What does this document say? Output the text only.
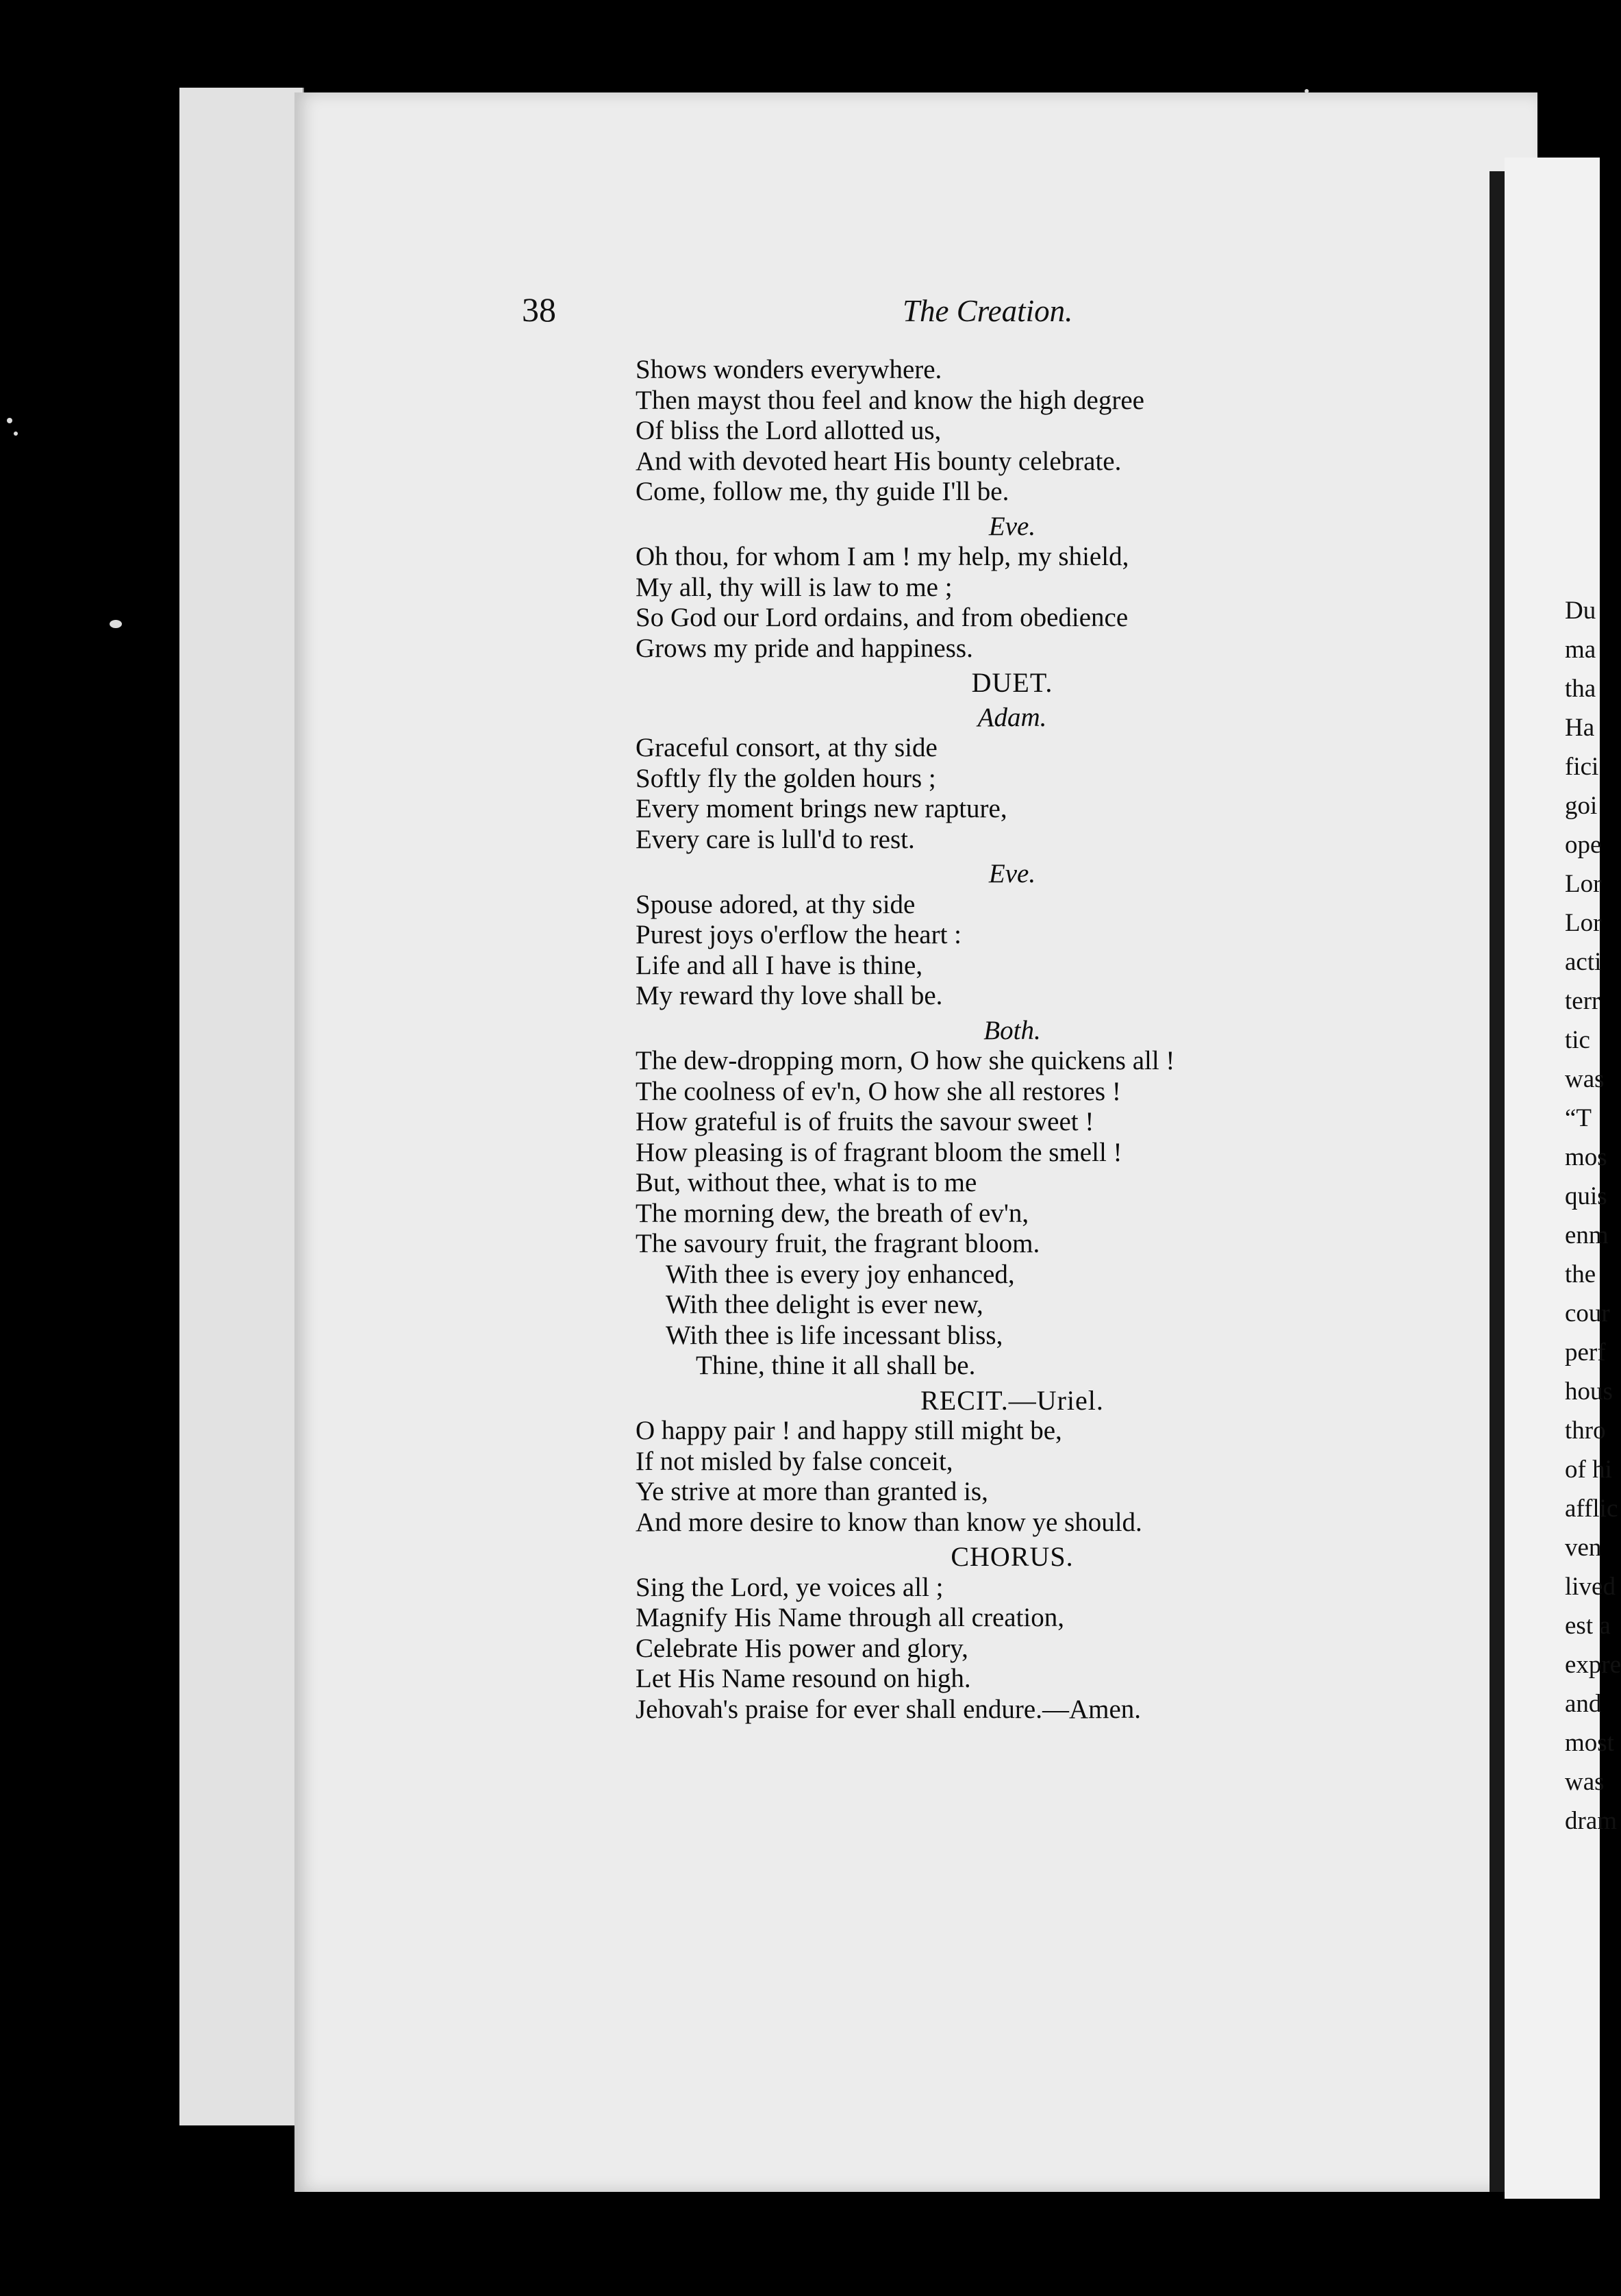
38	The Creation.
Shows wonders everywhere.
Then mayst thou feel and know the high degree
Of bliss the Lord allotted us,
And with devoted heart His bounty celebrate.
Come, follow me, thy guide I'll be.
Eve.
Oh thou, for whom I am ! my help, my shield,
My all, thy will is law to me ;
So God our Lord ordains, and from obedience
Grows my pride and happiness.
DUET.
Adam.
Graceful consort, at thy side
Softly fly the golden hours ;
Every moment brings new rapture,
Every care is lull'd to rest.
Eve.
Spouse adored, at thy side
Purest joys o'erflow the heart :
Life and all I have is thine,
My reward thy love shall be.
Both.
The dew-dropping morn, O how she quickens all !
The coolness of ev'n, O how she all restores !
How grateful is of fruits the savour sweet !
How pleasing is of fragrant bloom the smell !
But, without thee, what is to me
The morning dew, the breath of ev'n,
The savoury fruit, the fragrant bloom.
With thee is every joy enhanced,
With thee delight is ever new,
With thee is life incessant bliss,
Thine, thine it all shall be.
RECIT.—Uriel.
O happy pair ! and happy still might be,
If not misled by false conceit,
Ye strive at more than granted is,
And more desire to know than know ye should.
CHORUS.
Sing the Lord, ye voices all ;
Magnify His Name through all creation,
Celebrate His power and glory,
Let His Name resound on high.
Jehovah's praise for ever shall endure.—Amen.
Du
ma
tha
Ha
fici
goi
ope
Lor
Lor
acti
terr
tic
was
“T
mos
quis
enm
the
cour
perf
hous
thro
of hi
afflic
ven
lived
est a
expre
and
most
was
dram
